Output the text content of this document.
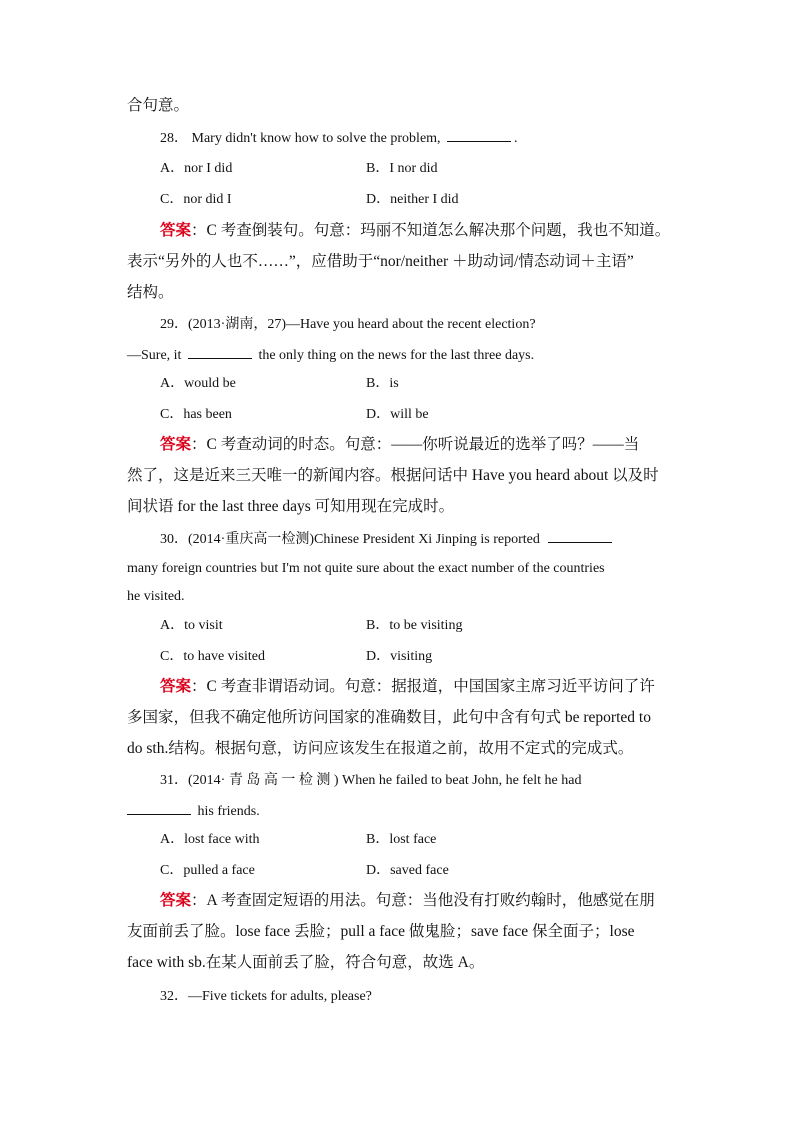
合句意。
28． Mary didn't know how to solve the problem,	.
A．nor I did	B．I nor did
C．nor did I	D．neither I did
答案：C 考查倒装句。句意：玛丽不知道怎么解决那个问题，我也不知道。
表示“另外的人也不……”，应借助于“nor/neither ＋助动词/情态动词＋主语”
结构。
29．(2013·湖南，27)—Have you heard about the recent election?
—Sure, it	the only thing on the news for the last three days.
A．would be	B．is
C．has been	D．will be
答案：C 考查动词的时态。句意：——你听说最近的选举了吗？——当
然了，这是近来三天唯一的新闻内容。根据问话中 Have you heard about 以及时
间状语 for the last three days 可知用现在完成时。
30．(2014·重庆高一检测)Chinese President Xi Jinping is reported
many foreign countries but I'm not quite sure about the exact number of the countries
he visited.
A．to visit	B．to be visiting
C．to have visited	D．visiting
答案：C 考查非谓语动词。句意：据报道，中国国家主席习近平访问了许
多国家，但我不确定他所访问国家的准确数目，此句中含有句式 be reported to
do sth.结构。根据句意，访问应该发生在报道之前，故用不定式的完成式。
31．(2014· 青 岛 高 一 检 测 ) When he failed to beat John, he felt he had
his friends.
A．lost face with	B．lost face
C．pulled a face	D．saved face
答案：A 考查固定短语的用法。句意：当他没有打败约翰时，他感觉在朋
友面前丢了脸。lose face 丢脸；pull a face 做鬼脸；save face 保全面子；lose
face with sb.在某人面前丢了脸，符合句意，故选 A。
32．—Five tickets for adults, please?
